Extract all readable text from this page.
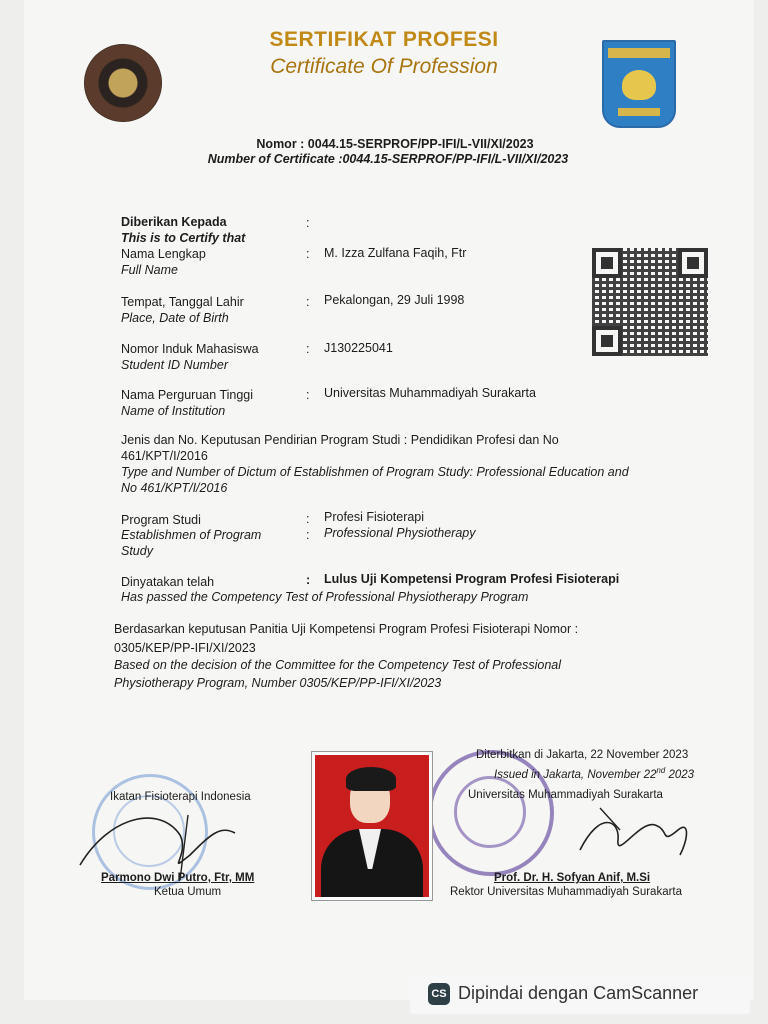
SERTIFIKAT PROFESI
Certificate Of Profession
Nomor : 0044.15-SERPROF/PP-IFI/L-VII/XI/2023
Number of Certificate :0044.15-SERPROF/PP-IFI/L-VII/XI/2023
Diberikan Kepada
This is to Certify that
:
Nama Lengkap
Full Name
: M. Izza Zulfana Faqih, Ftr
Tempat, Tanggal Lahir
Place, Date of Birth
: Pekalongan, 29 Juli 1998
Nomor Induk Mahasiswa
Student ID Number
: J130225041
Nama Perguruan Tinggi
Name of Institution
: Universitas Muhammadiyah Surakarta
Jenis dan No. Keputusan Pendirian Program Studi : Pendidikan Profesi dan No
461/KPT/I/2016
Type and Number of Dictum of Establishmen of Program Study: Professional Education and
No 461/KPT/I/2016
Program Studi
Establishmen of Program
Study
:
:
Profesi Fisioterapi
Professional Physiotherapy
Dinyatakan telah	: Lulus Uji Kompetensi Program Profesi Fisioterapi
Has passed the Competency Test of Professional Physiotherapy Program
Berdasarkan keputusan Panitia Uji Kompetensi Program Profesi Fisioterapi Nomor :
0305/KEP/PP-IFI/XI/2023
Based on the decision of the Committee for the Competency Test of Professional
Physiotherapy Program, Number 0305/KEP/PP-IFI/XI/2023
Diterbitkan di Jakarta, 22 November 2023
Issued in Jakarta, November 22nd 2023
Ikatan Fisioterapi Indonesia
Parmono Dwi Putro, Ftr, MM
Ketua Umum
Universitas Muhammadiyah Surakarta
Prof. Dr. H. Sofyan Anif, M.Si
Rektor Universitas Muhammadiyah Surakarta
CS Dipindai dengan CamScanner
